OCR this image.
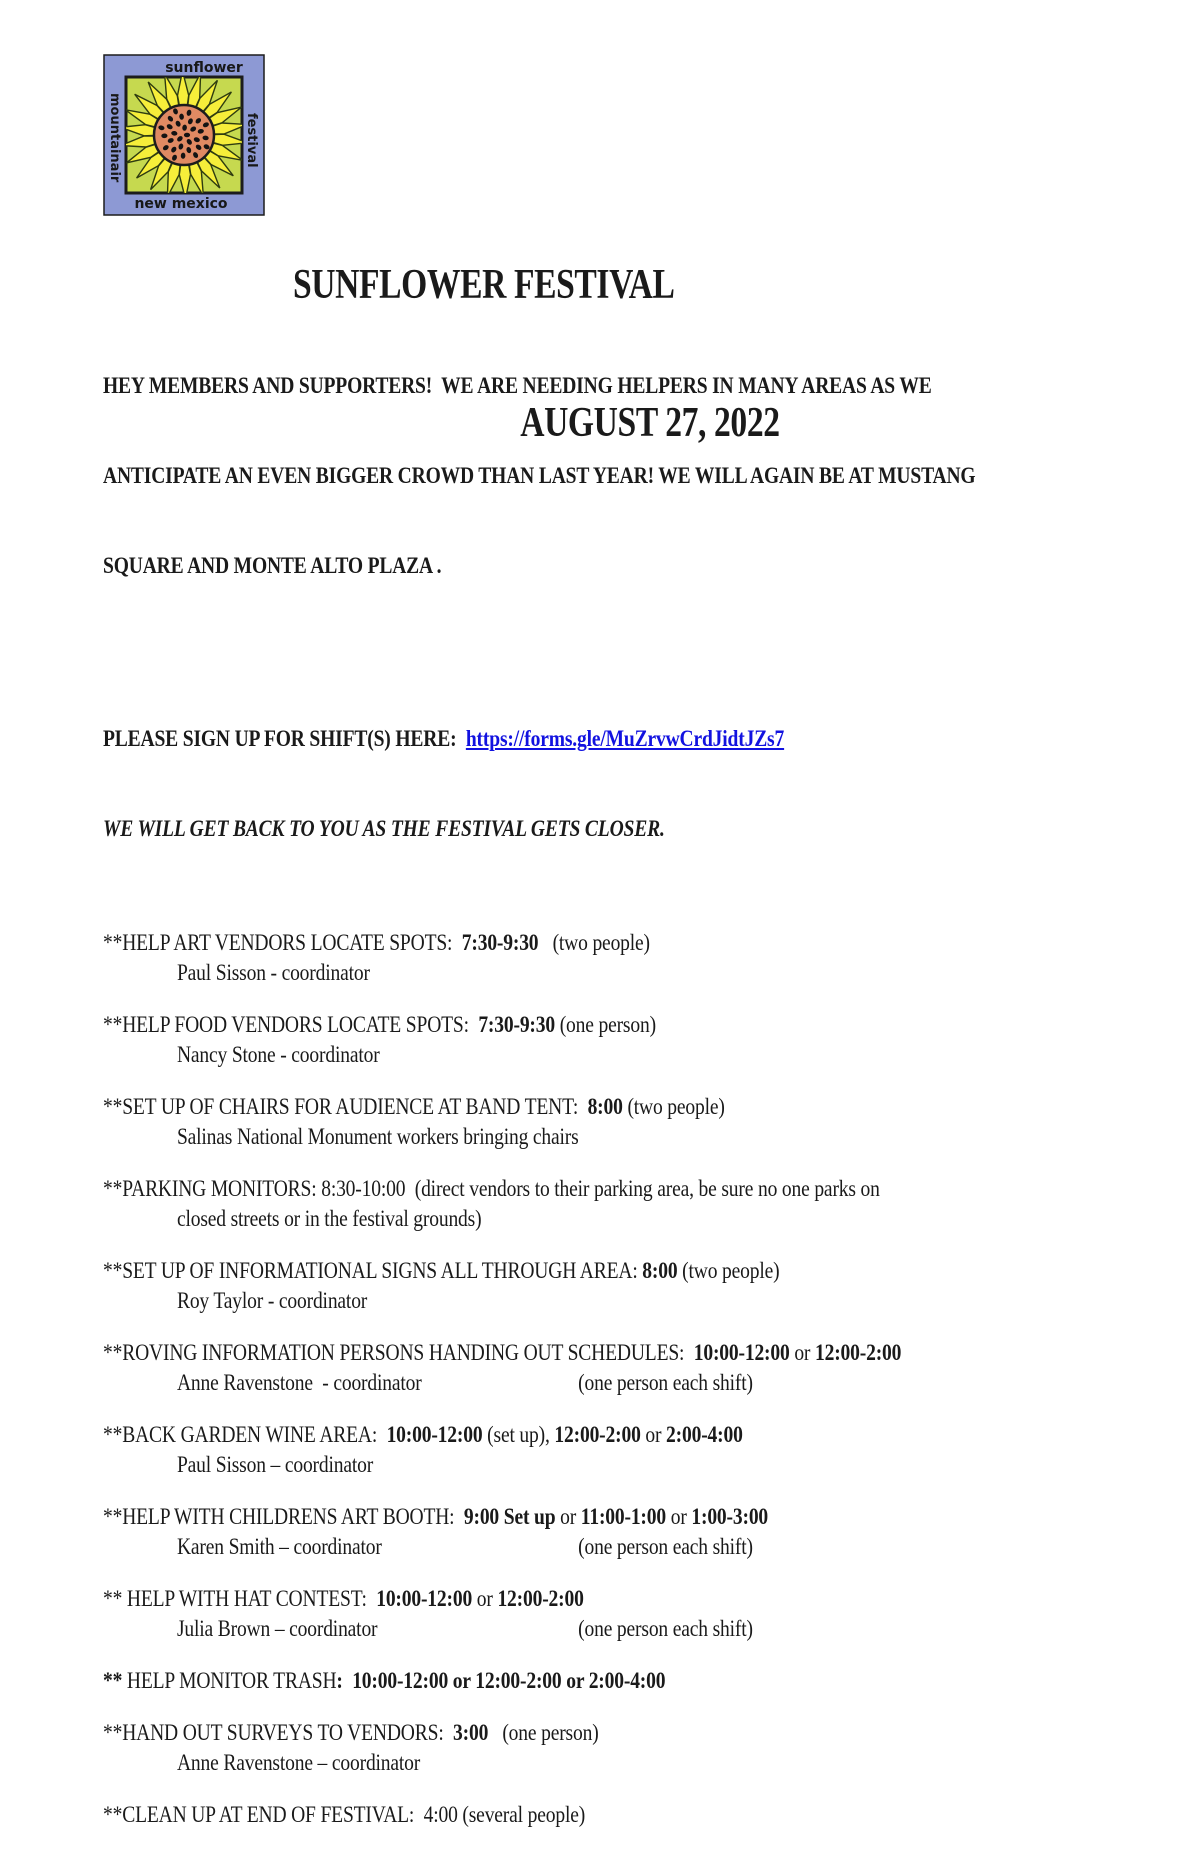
sunflower
festival
mountainair
new mexico

SUNFLOWER FESTIVAL

AUGUST 27, 2022

HEY MEMBERS AND SUPPORTERS!  WE ARE NEEDING HELPERS IN MANY AREAS AS WE

ANTICIPATE AN EVEN BIGGER CROWD THAN LAST YEAR! WE WILL AGAIN BE AT MUSTANG

SQUARE AND MONTE ALTO PLAZA .

PLEASE SIGN UP FOR SHIFT(S) HERE:  https://forms.gle/MuZrvwCrdJidtJZs7

WE WILL GET BACK TO YOU AS THE FESTIVAL GETS CLOSER.

**HELP ART VENDORS LOCATE SPOTS:  7:30-9:30   (two people)
Paul Sisson - coordinator
**HELP FOOD VENDORS LOCATE SPOTS:  7:30-9:30 (one person)
Nancy Stone - coordinator
**SET UP OF CHAIRS FOR AUDIENCE AT BAND TENT:  8:00 (two people)
Salinas National Monument workers bringing chairs
**PARKING MONITORS: 8:30-10:00  (direct vendors to their parking area, be sure no one parks on
closed streets or in the festival grounds)
**SET UP OF INFORMATIONAL SIGNS ALL THROUGH AREA: 8:00 (two people)
Roy Taylor - coordinator
**ROVING INFORMATION PERSONS HANDING OUT SCHEDULES:  10:00-12:00 or 12:00-2:00
Anne Ravenstone  - coordinator	(one person each shift)
**BACK GARDEN WINE AREA:  10:00-12:00 (set up), 12:00-2:00 or 2:00-4:00
Paul Sisson – coordinator
**HELP WITH CHILDRENS ART BOOTH:  9:00 Set up or 11:00-1:00 or 1:00-3:00
Karen Smith – coordinator	(one person each shift)
** HELP WITH HAT CONTEST:  10:00-12:00 or 12:00-2:00
Julia Brown – coordinator	(one person each shift)
** HELP MONITOR TRASH:  10:00-12:00 or 12:00-2:00 or 2:00-4:00
**HAND OUT SURVEYS TO VENDORS:  3:00   (one person)
Anne Ravenstone – coordinator
**CLEAN UP AT END OF FESTIVAL:  4:00 (several people)
